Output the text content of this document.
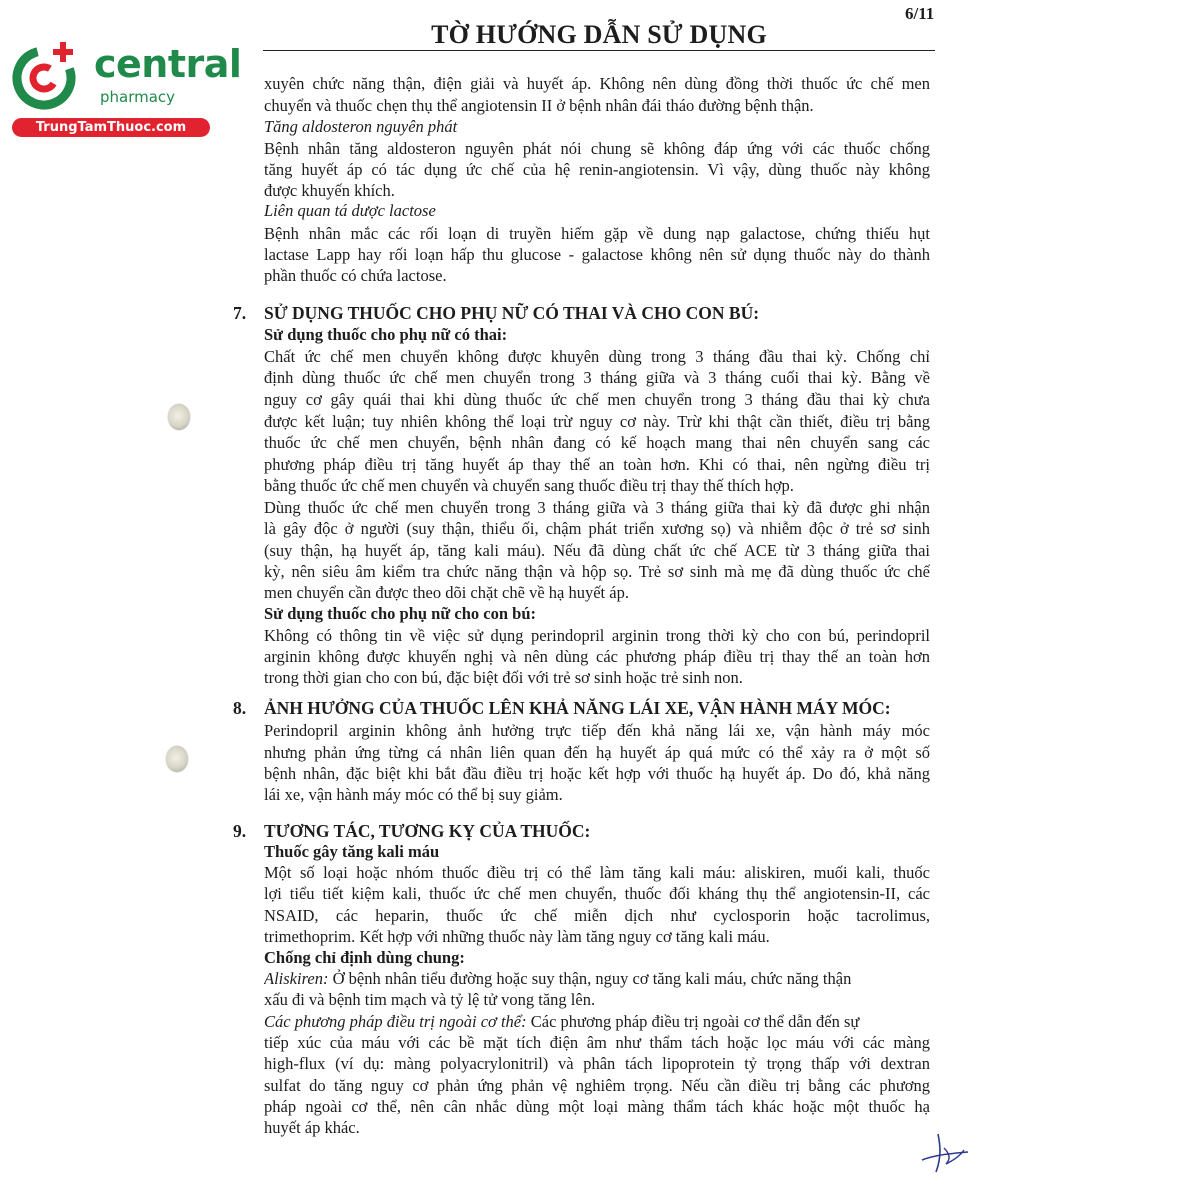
central
pharmacy
TrungTamThuoc.com
6/11
TỜ HƯỚNG DẪN SỬ DỤNG
xuyên chức năng thận, điện giải và huyết áp. Không nên dùng đồng thời thuốc ức chế men
chuyển và thuốc chẹn thụ thể angiotensin II ở bệnh nhân đái tháo đường bệnh thận.
Tăng aldosteron nguyên phát
Bệnh nhân tăng aldosteron nguyên phát nói chung sẽ không đáp ứng với các thuốc chống
tăng huyết áp có tác dụng ức chế của hệ renin-angiotensin. Vì vậy, dùng thuốc này không
được khuyến khích.
Liên quan tá dược lactose
Bệnh nhân mắc các rối loạn di truyền hiếm gặp về dung nạp galactose, chứng thiếu hụt
lactase Lapp hay rối loạn hấp thu glucose - galactose không nên sử dụng thuốc này do thành
phần thuốc có chứa lactose.
7. SỬ DỤNG THUỐC CHO PHỤ NỮ CÓ THAI VÀ CHO CON BÚ:
Sử dụng thuốc cho phụ nữ có thai:
Chất ức chế men chuyển không được khuyên dùng trong 3 tháng đầu thai kỳ. Chống chỉ
định dùng thuốc ức chế men chuyển trong 3 tháng giữa và 3 tháng cuối thai kỳ. Bằng về
nguy cơ gây quái thai khi dùng thuốc ức chế men chuyển trong 3 tháng đầu thai kỳ chưa
được kết luận; tuy nhiên không thể loại trừ nguy cơ này. Trừ khi thật cần thiết, điều trị bằng
thuốc ức chế men chuyển, bệnh nhân đang có kế hoạch mang thai nên chuyển sang các
phương pháp điều trị tăng huyết áp thay thế an toàn hơn. Khi có thai, nên ngừng điều trị
bằng thuốc ức chế men chuyển và chuyển sang thuốc điều trị thay thế thích hợp.
Dùng thuốc ức chế men chuyển trong 3 tháng giữa và 3 tháng giữa thai kỳ đã được ghi nhận
là gây độc ở người (suy thận, thiểu ối, chậm phát triển xương sọ) và nhiễm độc ở trẻ sơ sinh
(suy thận, hạ huyết áp, tăng kali máu). Nếu đã dùng chất ức chế ACE từ 3 tháng giữa thai
kỳ, nên siêu âm kiểm tra chức năng thận và hộp sọ. Trẻ sơ sinh mà mẹ đã dùng thuốc ức chế
men chuyển cần được theo dõi chặt chẽ về hạ huyết áp.
Sử dụng thuốc cho phụ nữ cho con bú:
Không có thông tin về việc sử dụng perindopril arginin trong thời kỳ cho con bú, perindopril
arginin không được khuyến nghị và nên dùng các phương pháp điều trị thay thế an toàn hơn
trong thời gian cho con bú, đặc biệt đối với trẻ sơ sinh hoặc trẻ sinh non.
8. ẢNH HƯỞNG CỦA THUỐC LÊN KHẢ NĂNG LÁI XE, VẬN HÀNH MÁY MÓC:
Perindopril arginin không ảnh hưởng trực tiếp đến khả năng lái xe, vận hành máy móc
nhưng phản ứng từng cá nhân liên quan đến hạ huyết áp quá mức có thể xảy ra ở một số
bệnh nhân, đặc biệt khi bắt đầu điều trị hoặc kết hợp với thuốc hạ huyết áp. Do đó, khả năng
lái xe, vận hành máy móc có thể bị suy giảm.
9. TƯƠNG TÁC, TƯƠNG KỴ CỦA THUỐC:
Thuốc gây tăng kali máu
Một số loại hoặc nhóm thuốc điều trị có thể làm tăng kali máu: aliskiren, muối kali, thuốc
lợi tiểu tiết kiệm kali, thuốc ức chế men chuyển, thuốc đối kháng thụ thể angiotensin-II, các
NSAID, các heparin, thuốc ức chế miễn dịch như cyclosporin hoặc tacrolimus,
trimethoprim. Kết hợp với những thuốc này làm tăng nguy cơ tăng kali máu.
Chống chỉ định dùng chung:
Aliskiren: Ở bệnh nhân tiểu đường hoặc suy thận, nguy cơ tăng kali máu, chức năng thận
xấu đi và bệnh tim mạch và tỷ lệ tử vong tăng lên.
Các phương pháp điều trị ngoài cơ thể: Các phương pháp điều trị ngoài cơ thể dẫn đến sự
tiếp xúc của máu với các bề mặt tích điện âm như thẩm tách hoặc lọc máu với các màng
high-flux (ví dụ: màng polyacrylonitril) và phân tách lipoprotein tỷ trọng thấp với dextran
sulfat do tăng nguy cơ phản ứng phản vệ nghiêm trọng. Nếu cần điều trị bằng các phương
pháp ngoài cơ thể, nên cân nhắc dùng một loại màng thẩm tách khác hoặc một thuốc hạ
huyết áp khác.
